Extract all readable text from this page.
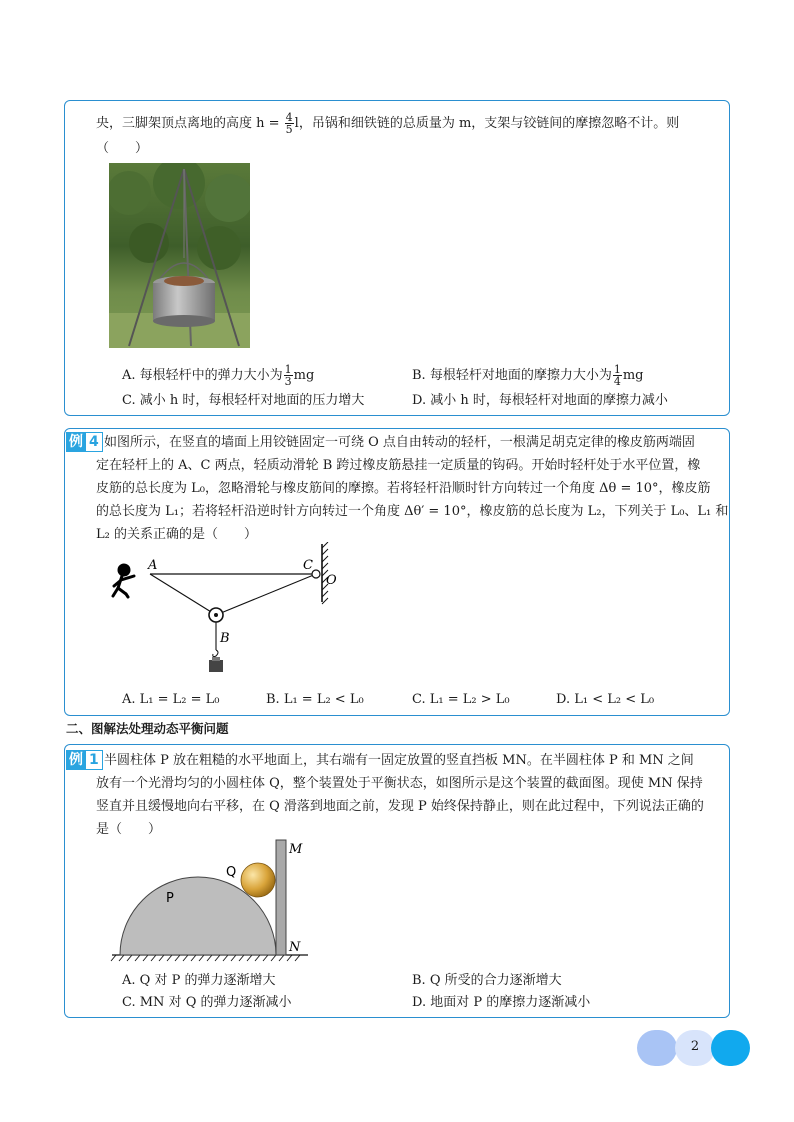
央，三脚架顶点离地的高度 $h = \frac{4}{5}$ l，吊锅和细铁链的总质量为 m，支架与铰链间的摩擦忽略不计。则
（　　）
A. 每根轻杆中的弹力大小为 $\frac{1}{3}$ mg	B. 每根轻杆对地面的摩擦力大小为 $\frac{1}{4}$ mg
C. 减小 h 时，每根轻杆对地面的压力增大	D. 减小 h 时，每根轻杆对地面的摩擦力减小
例 4 如图所示，在竖直的墙面上用铰链固定一可绕 O 点自由转动的轻杆，一根满足胡克定律的橡皮筋两端固
定在轻杆上的 A、C 两点，轻质动滑轮 B 跨过橡皮筋悬挂一定质量的钩码。开始时轻杆处于水平位置，橡
皮筋的总长度为 L₀，忽略滑轮与橡皮筋间的摩擦。若将轻杆沿顺时针方向转过一个角度 Δθ = 10°，橡皮筋
的总长度为 L₁；若将轻杆沿逆时针方向转过一个角度 Δθ′ = 10°，橡皮筋的总长度为 L₂，下列关于 L₀、L₁ 和
L₂ 的关系正确的是（　　）
A	C
O
B
A. L₁ = L₂ = L₀	B. L₁ = L₂ < L₀	C. L₁ = L₂ > L₀	D. L₁ < L₂ < L₀
二、图解法处理动态平衡问题
例 1 半圆柱体 P 放在粗糙的水平地面上，其右端有一固定放置的竖直挡板 MN。在半圆柱体 P 和 MN 之间
放有一个光滑均匀的小圆柱体 Q，整个装置处于平衡状态，如图所示是这个装置的截面图。现使 MN 保持
竖直并且缓慢地向右平移，在 Q 滑落到地面之前，发现 P 始终保持静止，则在此过程中，下列说法正确的
是（　　）
P
Q
M
N
A. Q 对 P 的弹力逐渐增大	B. Q 所受的合力逐渐增大
C. MN 对 Q 的弹力逐渐减小	D. 地面对 P 的摩擦力逐渐减小
2
